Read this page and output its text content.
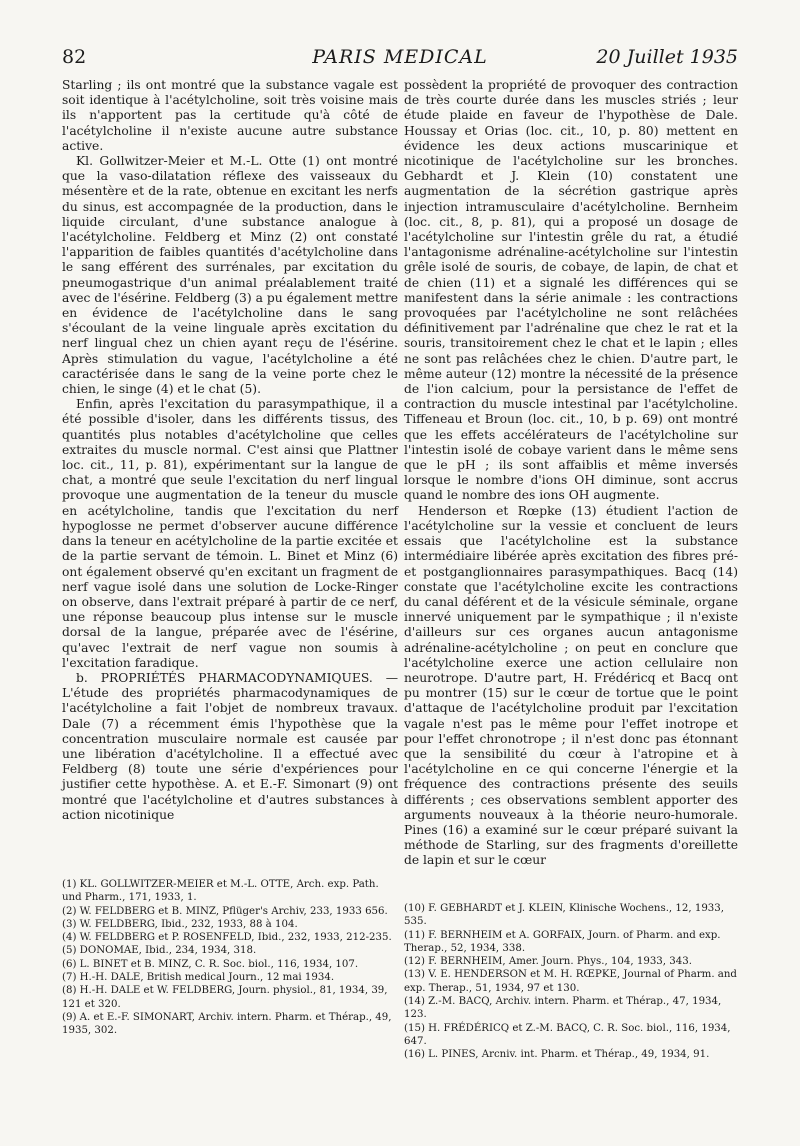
82	PARIS MEDICAL	20 Juillet 1935

Starling ; ils ont montré que la substance vagale est soit identique à l'acétylcholine, soit très voisine mais ils n'apportent pas la certitude qu'à côté de l'acétylcholine il n'existe aucune autre substance active.

Kl. Gollwitzer-Meier et M.-L. Otte (1) ont montré que la vaso-dilatation réflexe des vaisseaux du mésentère et de la rate, obtenue en excitant les nerfs du sinus, est accompagnée de la production, dans le liquide circulant, d'une substance analogue à l'acétylcholine. Feldberg et Minz (2) ont constaté l'apparition de faibles quantités d'acétylcholine dans le sang efférent des surrénales, par excitation du pneumogastrique d'un animal préalablement traité avec de l'ésérine. Feldberg (3) a pu également mettre en évidence de l'acétylcholine dans le sang s'écoulant de la veine linguale après excitation du nerf lingual chez un chien ayant reçu de l'ésérine. Après stimulation du vague, l'acétylcholine a été caractérisée dans le sang de la veine porte chez le chien, le singe (4) et le chat (5).

Enfin, après l'excitation du parasympathique, il a été possible d'isoler, dans les différents tissus, des quantités plus notables d'acétylcholine que celles extraites du muscle normal. C'est ainsi que Plattner loc. cit., 11, p. 81), expérimentant sur la langue de chat, a montré que seule l'excitation du nerf lingual provoque une augmentation de la teneur du muscle en acétylcholine, tandis que l'excitation du nerf hypoglosse ne permet d'observer aucune différence dans la teneur en acétylcholine de la partie excitée et de la partie servant de témoin. L. Binet et Minz (6) ont également observé qu'en excitant un fragment de nerf vague isolé dans une solution de Locke-Ringer on observe, dans l'extrait préparé à partir de ce nerf, une réponse beaucoup plus intense sur le muscle dorsal de la langue, préparée avec de l'ésérine, qu'avec l'extrait de nerf vague non soumis à l'excitation faradique.

b. PROPRIÉTÉS PHARMACODYNAMIQUES. — L'étude des propriétés pharmacodynamiques de l'acétylcholine a fait l'objet de nombreux travaux. Dale (7) a récemment émis l'hypothèse que la concentration musculaire normale est causée par une libération d'acétylcholine. Il a effectué avec Feldberg (8) toute une série d'expériences pour justifier cette hypothèse. A. et E.-F. Simonart (9) ont montré que l'acétylcholine et d'autres substances à action nicotinique

possèdent la propriété de provoquer des contraction de très courte durée dans les muscles striés ; leur étude plaide en faveur de l'hypothèse de Dale. Houssay et Orias (loc. cit., 10, p. 80) mettent en évidence les deux actions muscarinique et nicotinique de l'acétylcholine sur les bronches. Gebhardt et J. Klein (10) constatent une augmentation de la sécrétion gastrique après injection intramusculaire d'acétylcholine. Bernheim (loc. cit., 8, p. 81), qui a proposé un dosage de l'acétylcholine sur l'intestin grêle du rat, a étudié l'antagonisme adrénaline-acétylcholine sur l'intestin grêle isolé de souris, de cobaye, de lapin, de chat et de chien (11) et a signalé les différences qui se manifestent dans la série animale : les contractions provoquées par l'acétylcholine ne sont relâchées définitivement par l'adrénaline que chez le rat et la souris, transitoirement chez le chat et le lapin ; elles ne sont pas relâchées chez le chien. D'autre part, le même auteur (12) montre la nécessité de la présence de l'ion calcium, pour la persistance de l'effet de contraction du muscle intestinal par l'acétylcholine. Tiffeneau et Broun (loc. cit., 10, b p. 69) ont montré que les effets accélérateurs de l'acétylcholine sur l'intestin isolé de cobaye varient dans le même sens que le pH ; ils sont affaiblis et même inversés lorsque le nombre d'ions OH diminue, sont accrus quand le nombre des ions OH augmente.

Henderson et Rœpke (13) étudient l'action de l'acétylcholine sur la vessie et concluent de leurs essais que l'acétylcholine est la substance intermédiaire libérée après excitation des fibres pré- et postganglionnaires parasympathiques. Bacq (14) constate que l'acétylcholine excite les contractions du canal déférent et de la vésicule séminale, organe innervé uniquement par le sympathique ; il n'existe d'ailleurs sur ces organes aucun antagonisme adrénaline-acétylcholine ; on peut en conclure que l'acétylcholine exerce une action cellulaire non neurotrope. D'autre part, H. Frédéricq et Bacq ont pu montrer (15) sur le cœur de tortue que le point d'attaque de l'acétylcholine produit par l'excitation vagale n'est pas le même pour l'effet inotrope et pour l'effet chronotrope ; il n'est donc pas étonnant que la sensibilité du cœur à l'atropine et à l'acétylcholine en ce qui concerne l'énergie et la fréquence des contractions présente des seuils différents ; ces observations semblent apporter des arguments nouveaux à la théorie neuro-humorale. Pines (16) a examiné sur le cœur préparé suivant la méthode de Starling, sur des fragments d'oreillette de lapin et sur le cœur

(1) KL. GOLLWITZER-MEIER et M.-L. OTTE, Arch. exp. Path. und Pharm., 171, 1933, 1.
(2) W. FELDBERG et B. MINZ, Pflüger's Archiv, 233, 1933 656.
(3) W. FELDBERG, Ibid., 232, 1933, 88 à 104.
(4) W. FELDBERG et P. ROSENFELD, Ibid., 232, 1933, 212-235.
(5) DONOMAE, Ibid., 234, 1934, 318.
(6) L. BINET et B. MINZ, C. R. Soc. biol., 116, 1934, 107.
(7) H.-H. DALE, British medical Journ., 12 mai 1934.
(8) H.-H. DALE et W. FELDBERG, Journ. physiol., 81, 1934, 39, 121 et 320.
(9) A. et E.-F. SIMONART, Archiv. intern. Pharm. et Thérap., 49, 1935, 302.
(10) F. GEBHARDT et J. KLEIN, Klinische Wochens., 12, 1933, 535.
(11) F. BERNHEIM et A. GORFAIX, Journ. of Pharm. and exp. Therap., 52, 1934, 338.
(12) F. BERNHEIM, Amer. Journ. Phys., 104, 1933, 343.
(13) V. E. HENDERSON et M. H. RŒPKE, Journal of Pharm. and exp. Therap., 51, 1934, 97 et 130.
(14) Z.-M. BACQ, Archiv. intern. Pharm. et Thérap., 47, 1934, 123.
(15) H. FRÉDÉRICQ et Z.-M. BACQ, C. R. Soc. biol., 116, 1934, 647.
(16) L. PINES, Arcniv. int. Pharm. et Thérap., 49, 1934, 91.
